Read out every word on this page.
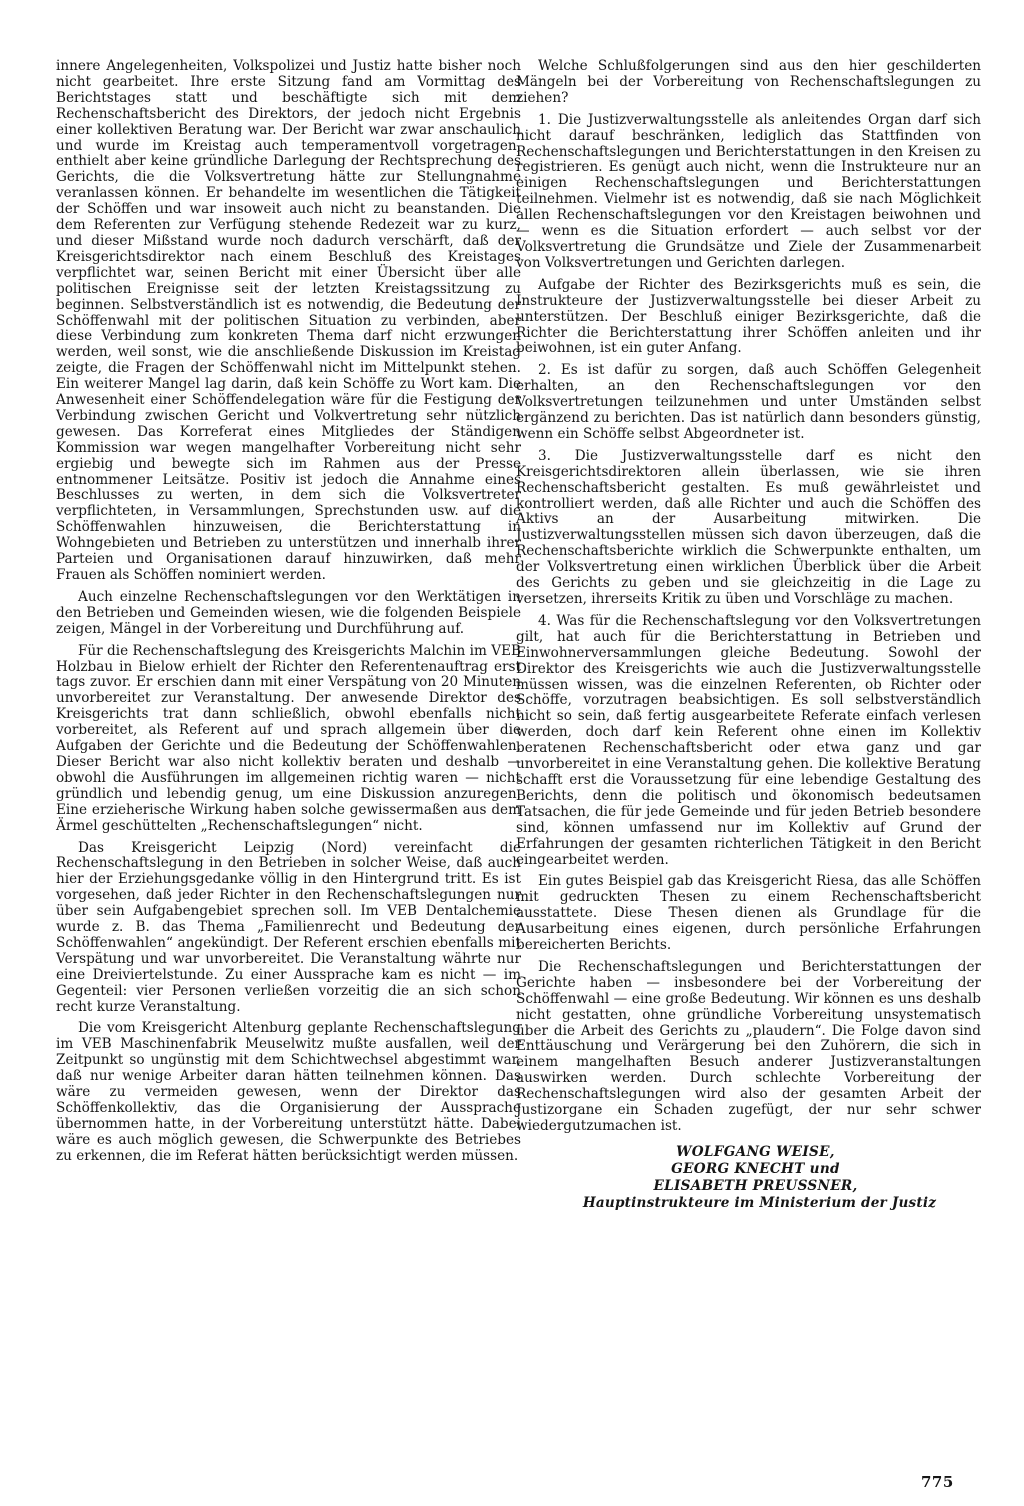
innere Angelegenheiten, Volkspolizei und Justiz hatte bisher noch nicht gearbeitet. Ihre erste Sitzung fand am Vormittag des Berichtstages statt und beschäftigte sich mit dem Rechenschaftsbericht des Direktors, der jedoch nicht Ergebnis einer kollektiven Beratung war. Der Bericht war zwar anschaulich und wurde im Kreistag auch temperamentvoll vorgetragen, enthielt aber keine gründliche Darlegung der Rechtsprechung des Gerichts, die die Volksvertretung hätte zur Stellungnahme veranlassen können. Er behandelte im wesentlichen die Tätigkeit der Schöffen und war insoweit auch nicht zu beanstanden. Die dem Referenten zur Verfügung stehende Redezeit war zu kurz, und dieser Mißstand wurde noch dadurch verschärft, daß der Kreisgerichtsdirektor nach einem Beschluß des Kreistages verpflichtet war, seinen Bericht mit einer Übersicht über alle politischen Ereignisse seit der letzten Kreistagssitzung zu beginnen. Selbstverständlich ist es notwendig, die Bedeutung der Schöffenwahl mit der politischen Situation zu verbinden, aber diese Verbindung zum konkreten Thema darf nicht erzwungen werden, weil sonst, wie die anschließende Diskussion im Kreistag zeigte, die Fragen der Schöffenwahl nicht im Mittelpunkt stehen. Ein weiterer Mangel lag darin, daß kein Schöffe zu Wort kam. Die Anwesenheit einer Schöffendelegation wäre für die Festigung der Verbindung zwischen Gericht und Volkvertretung sehr nützlich gewesen. Das Korreferat eines Mitgliedes der Ständigen Kommission war wegen mangelhafter Vorbereitung nicht sehr ergiebig und bewegte sich im Rahmen aus der Presse entnommener Leitsätze. Positiv ist jedoch die Annahme eines Beschlusses zu werten, in dem sich die Volksvertreter verpflichteten, in Versammlungen, Sprechstunden usw. auf die Schöffenwahlen hinzuweisen, die Berichterstattung in Wohngebieten und Betrieben zu unterstützen und innerhalb ihrer Parteien und Organisationen darauf hinzuwirken, daß mehr Frauen als Schöffen nominiert werden.

Auch einzelne Rechenschaftslegungen vor den Werktätigen in den Betrieben und Gemeinden wiesen, wie die folgenden Beispiele zeigen, Mängel in der Vorbereitung und Durchführung auf.

Für die Rechenschaftslegung des Kreisgerichts Malchin im VEB Holzbau in Bielow erhielt der Richter den Referentenauftrag erst tags zuvor. Er erschien dann mit einer Verspätung von 20 Minuten unvorbereitet zur Veranstaltung. Der anwesende Direktor des Kreisgerichts trat dann schließlich, obwohl ebenfalls nicht vorbereitet, als Referent auf und sprach allgemein über die Aufgaben der Gerichte und die Bedeutung der Schöffenwahlen. Dieser Bericht war also nicht kollektiv beraten und deshalb — obwohl die Ausführungen im allgemeinen richtig waren — nicht gründlich und lebendig genug, um eine Diskussion anzuregen. Eine erzieherische Wirkung haben solche gewissermaßen aus dem Ärmel geschüttelten „Rechenschaftslegungen“ nicht.

Das Kreisgericht Leipzig (Nord) vereinfacht die Rechenschaftslegung in den Betrieben in solcher Weise, daß auch hier der Erziehungsgedanke völlig in den Hintergrund tritt. Es ist vorgesehen, daß jeder Richter in den Rechenschaftslegungen nur über sein Aufgabengebiet sprechen soll. Im VEB Dentalchemie wurde z. B. das Thema „Familienrecht und Bedeutung der Schöffenwahlen“ angekündigt. Der Referent erschien ebenfalls mit Verspätung und war unvorbereitet. Die Veranstaltung währte nur eine Dreiviertelstunde. Zu einer Aussprache kam es nicht — im Gegenteil: vier Personen verließen vorzeitig die an sich schon recht kurze Veranstaltung.

Die vom Kreisgericht Altenburg geplante Rechenschaftslegung im VEB Maschinenfabrik Meuselwitz mußte ausfallen, weil der Zeitpunkt so ungünstig mit dem Schichtwechsel abgestimmt war, daß nur wenige Arbeiter daran hätten teilnehmen können. Das wäre zu vermeiden gewesen, wenn der Direktor das Schöffenkollektiv, das die Organisierung der Aussprache übernommen hatte, in der Vorbereitung unterstützt hätte. Dabei wäre es auch möglich gewesen, die Schwerpunkte des Betriebes zu erkennen, die im Referat hätten berücksichtigt werden müssen.

Welche Schlußfolgerungen sind aus den hier geschilderten Mängeln bei der Vorbereitung von Rechenschaftslegungen zu ziehen?

1. Die Justizverwaltungsstelle als anleitendes Organ darf sich nicht darauf beschränken, lediglich das Stattfinden von Rechenschaftslegungen und Berichterstattungen in den Kreisen zu registrieren. Es genügt auch nicht, wenn die Instrukteure nur an einigen Rechenschaftslegungen und Berichterstattungen teilnehmen. Vielmehr ist es notwendig, daß sie nach Möglichkeit allen Rechenschaftslegungen vor den Kreistagen beiwohnen und — wenn es die Situation erfordert — auch selbst vor der Volksvertretung die Grundsätze und Ziele der Zusammenarbeit von Volksvertretungen und Gerichten darlegen.

Aufgabe der Richter des Bezirksgerichts muß es sein, die Instrukteure der Justizverwaltungsstelle bei dieser Arbeit zu unterstützen. Der Beschluß einiger Bezirksgerichte, daß die Richter die Berichterstattung ihrer Schöffen anleiten und ihr beiwohnen, ist ein guter Anfang.

2. Es ist dafür zu sorgen, daß auch Schöffen Gelegenheit erhalten, an den Rechenschaftslegungen vor den Volksvertretungen teilzunehmen und unter Umständen selbst ergänzend zu berichten. Das ist natürlich dann besonders günstig, wenn ein Schöffe selbst Abgeordneter ist.

3. Die Justizverwaltungsstelle darf es nicht den Kreisgerichtsdirektoren allein überlassen, wie sie ihren Rechenschaftsbericht gestalten. Es muß gewährleistet und kontrolliert werden, daß alle Richter und auch die Schöffen des Aktivs an der Ausarbeitung mitwirken. Die Justizverwaltungsstellen müssen sich davon überzeugen, daß die Rechenschaftsberichte wirklich die Schwerpunkte enthalten, um der Volksvertretung einen wirklichen Überblick über die Arbeit des Gerichts zu geben und sie gleichzeitig in die Lage zu versetzen, ihrerseits Kritik zu üben und Vorschläge zu machen.

4. Was für die Rechenschaftslegung vor den Volksvertretungen gilt, hat auch für die Berichterstattung in Betrieben und Einwohnerversammlungen gleiche Bedeutung. Sowohl der Direktor des Kreisgerichts wie auch die Justizverwaltungsstelle müssen wissen, was die einzelnen Referenten, ob Richter oder Schöffe, vorzutragen beabsichtigen. Es soll selbstverständlich nicht so sein, daß fertig ausgearbeitete Referate einfach verlesen werden, doch darf kein Referent ohne einen im Kollektiv beratenen Rechenschaftsbericht oder etwa ganz und gar unvorbereitet in eine Veranstaltung gehen. Die kollektive Beratung schafft erst die Voraussetzung für eine lebendige Gestaltung des Berichts, denn die politisch und ökonomisch bedeutsamen Tatsachen, die für jede Gemeinde und für jeden Betrieb besondere sind, können umfassend nur im Kollektiv auf Grund der Erfahrungen der gesamten richterlichen Tätigkeit in den Bericht eingearbeitet werden.

Ein gutes Beispiel gab das Kreisgericht Riesa, das alle Schöffen mit gedruckten Thesen zu einem Rechenschaftsbericht ausstattete. Diese Thesen dienen als Grundlage für die Ausarbeitung eines eigenen, durch persönliche Erfahrungen bereicherten Berichts.

Die Rechenschaftslegungen und Berichterstattungen der Gerichte haben — insbesondere bei der Vorbereitung der Schöffenwahl — eine große Bedeutung. Wir können es uns deshalb nicht gestatten, ohne gründliche Vorbereitung unsystematisch über die Arbeit des Gerichts zu „plaudern“. Die Folge davon sind Enttäuschung und Verärgerung bei den Zuhörern, die sich in einem mangelhaften Besuch anderer Justizveranstaltungen auswirken werden. Durch schlechte Vorbereitung der Rechenschaftslegungen wird also der gesamten Arbeit der Justizorgane ein Schaden zugefügt, der nur sehr schwer wiedergutzumachen ist.

WOLFGANG WEISE,
GEORG KNECHT und
ELISABETH PREUSSNER,
Hauptinstrukteure im Ministerium der Justiz
775
